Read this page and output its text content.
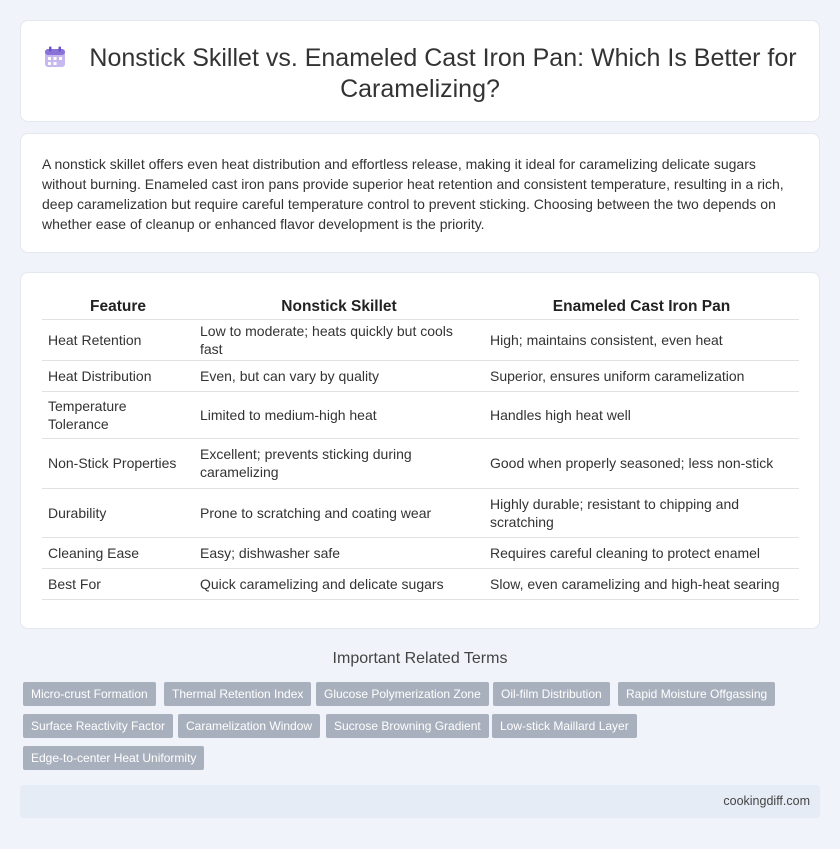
Nonstick Skillet vs. Enameled Cast Iron Pan: Which Is Better for
Caramelizing?

A nonstick skillet offers even heat distribution and effortless release, making it ideal for caramelizing delicate sugars without burning. Enameled cast iron pans provide superior heat retention and consistent temperature, resulting in a rich, deep caramelization but require careful temperature control to prevent sticking. Choosing between the two depends on whether ease of cleanup or enhanced flavor development is the priority.

Feature	Nonstick Skillet	Enameled Cast Iron Pan
Heat Retention	Low to moderate; heats quickly but cools fast	High; maintains consistent, even heat
Heat Distribution	Even, but can vary by quality	Superior, ensures uniform caramelization
Temperature Tolerance	Limited to medium-high heat	Handles high heat well
Non-Stick Properties	Excellent; prevents sticking during caramelizing	Good when properly seasoned; less non-stick
Durability	Prone to scratching and coating wear	Highly durable; resistant to chipping and scratching
Cleaning Ease	Easy; dishwasher safe	Requires careful cleaning to protect enamel
Best For	Quick caramelizing and delicate sugars	Slow, even caramelizing and high-heat searing
Important Related Terms
Micro-crust Formation	Thermal Retention Index	Glucose Polymerization Zone	Oil-film Distribution	Rapid Moisture Offgassing
Surface Reactivity Factor	Caramelization Window	Sucrose Browning Gradient	Low-stick Maillard Layer
Edge-to-center Heat Uniformity
cookingdiff.com
